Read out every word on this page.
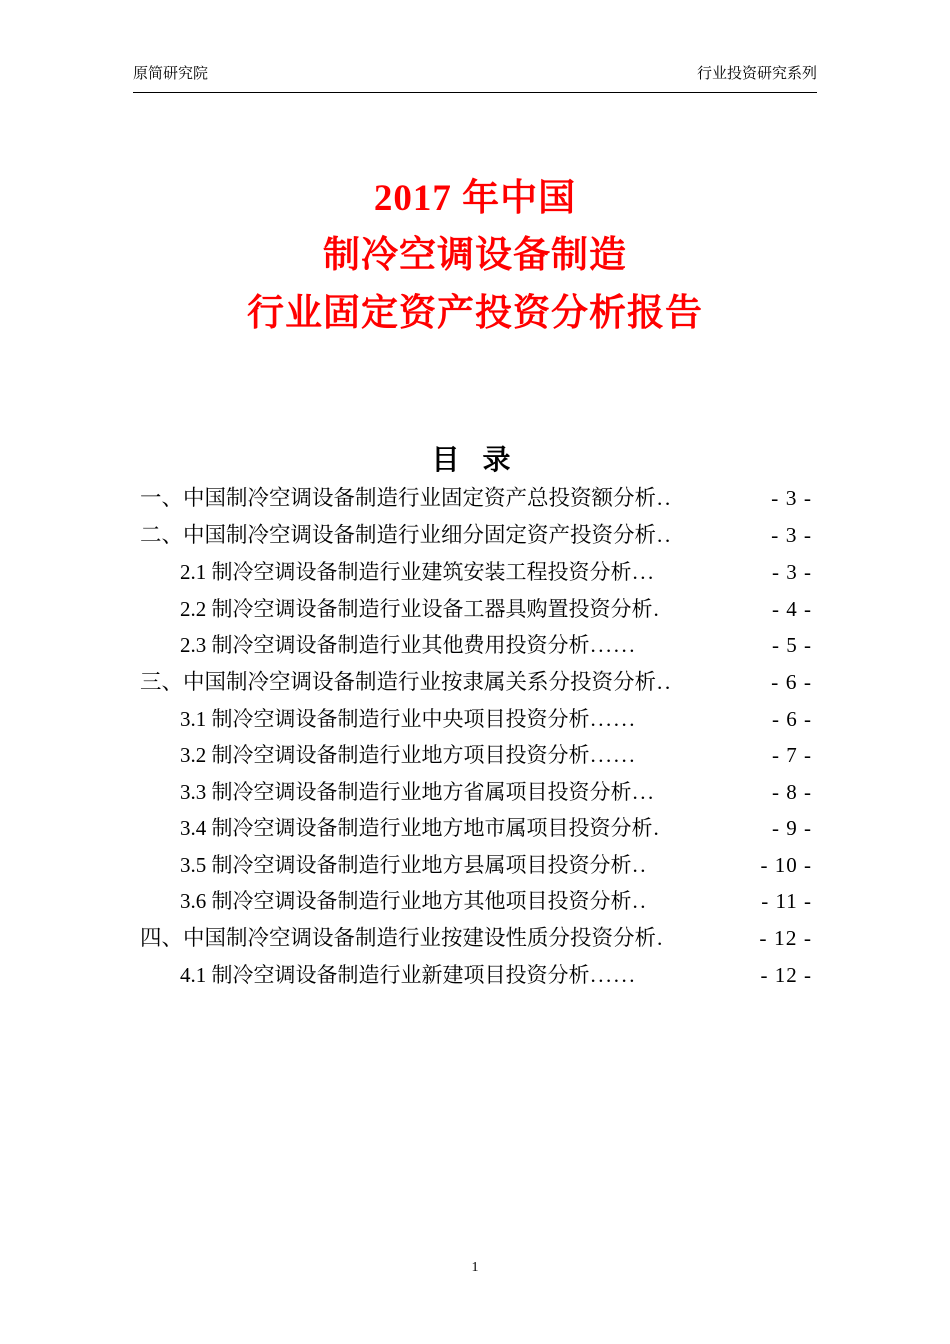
原简研究院	行业投资研究系列
2017 年中国
制冷空调设备制造
行业固定资产投资分析报告
目 录
一、中国制冷空调设备制造行业固定资产总投资额分析 ..	- 3 -
二、中国制冷空调设备制造行业细分固定资产投资分析 ..	- 3 -
2.1 制冷空调设备制造行业建筑安装工程投资分析 ...	- 3 -
2.2 制冷空调设备制造行业设备工器具购置投资分析 .	- 4 -
2.3 制冷空调设备制造行业其他费用投资分析 ......	- 5 -
三、中国制冷空调设备制造行业按隶属关系分投资分析 ..	- 6 -
3.1 制冷空调设备制造行业中央项目投资分析 ......	- 6 -
3.2 制冷空调设备制造行业地方项目投资分析 ......	- 7 -
3.3 制冷空调设备制造行业地方省属项目投资分析 ...	- 8 -
3.4 制冷空调设备制造行业地方地市属项目投资分析 .	- 9 -
3.5 制冷空调设备制造行业地方县属项目投资分析 ..	- 10 -
3.6 制冷空调设备制造行业地方其他项目投资分析 ..	- 11 -
四、中国制冷空调设备制造行业按建设性质分投资分析 .	- 12 -
4.1 制冷空调设备制造行业新建项目投资分析 ......	- 12 -
1
